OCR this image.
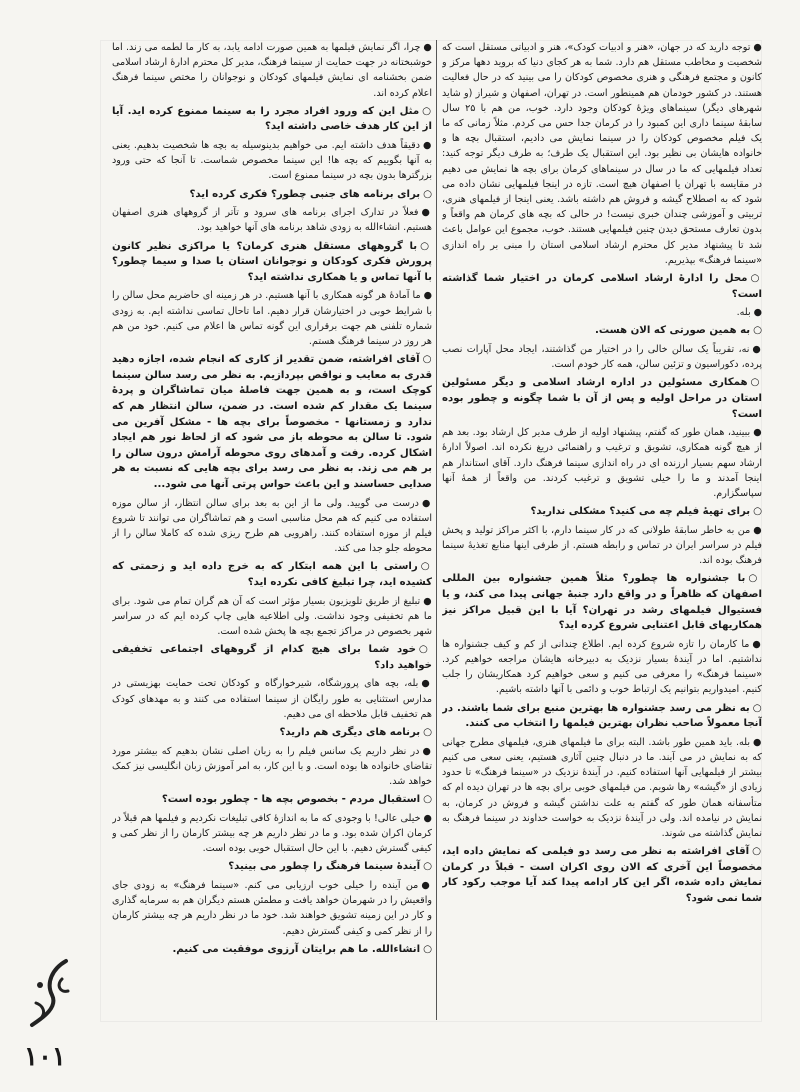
●توجه دارید که در جهان، «هنر و ادبیات کودک»، هنر و ادبیاتی مستقل است که شخصیت و مخاطب مستقل هم دارد. شما به هر کجای دنیا که بروید دهها مرکز و کانون و مجتمع فرهنگی و هنری مخصوص کودکان را می بینید که در حال فعالیت هستند. در کشور خودمان هم همینطور است. در تهران، اصفهان و شیراز (و شاید شهرهای دیگر) سینماهای ویژهٔ کودکان وجود دارد. خوب، من هم با ۲۵ سال سابقهٔ سینما داری این کمبود را در کرمان جدا حس می کردم. مثلاً زمانی که ما یک فیلم مخصوص کودکان را در سینما نمایش می دادیم، استقبال بچه ها و خانواده هایشان بی نظیر بود. این استقبال یک طرف؛ به طرف دیگر توجه کنید: تعداد فیلمهایی که ما در سال در سینماهای کرمان برای بچه ها نمایش می دهیم در مقایسه با تهران یا اصفهان هیچ است. تازه در اینجا فیلمهایی نشان داده می شود که به اصطلاح گیشه و فروش هم داشته باشد. یعنی اینجا از فیلمهای هنری، تربیتی و آموزشی چندان خبری نیست! در حالی که بچه های کرمان هم واقعاً و بدون تعارف مستحق دیدن چنین فیلمهایی هستند. خوب، مجموع این عوامل باعث شد تا پیشنهاد مدیر کل محترم ارشاد اسلامی استان را مبنی بر راه اندازی «سینما فرهنگ» بپذیریم.

○محل را ادارهٔ ارشاد اسلامی کرمان در اختیار شما گذاشته است؟

●بله.

○به همین صورتی که الان هست.

●نه، تقریباً یک سالن خالی را در اختیار من گذاشتند، ایجاد محل آپارات نصب پرده، دکوراسیون و تزئین سالن، همه کار خودم است.

○همکاری مسئولین در اداره ارشاد اسلامی و دیگر مسئولین استان در مراحل اولیه و پس از آن با شما چگونه و چطور بوده است؟

●ببینید، همان طور که گفتم، پیشنهاد اولیه از طرف مدیر کل ارشاد بود. بعد هم از هیچ گونه همکاری، تشویق و ترغیب و راهنمائی دریغ نکرده اند. اصولاً ادارهٔ ارشاد سهم بسیار ارزنده ای در راه اندازی سینما فرهنگ دارد. آقای استاندار هم اینجا آمدند و ما را خیلی تشویق و ترغیب کردند. من واقعاً از همهٔ آنها سپاسگزارم.

○برای تهیهٔ فیلم چه می کنید؟ مشکلی ندارید؟

●من به خاطر سابقهٔ طولانی که در کار سینما دارم، با اکثر مراکز تولید و پخش فیلم در سراسر ایران در تماس و رابطه هستم. از طرفی اینها منابع تغذیهٔ سینما فرهنگ بوده اند.

○با جشنواره ها چطور؟ مثلاً همین جشنواره بین المللی اصفهان که ظاهراً و در واقع دارد جنبهٔ جهانی پیدا می کند، و یا فستیوال فیلمهای رشد در تهران؟ آیا با این قبیل مراکز نیز همکاریهای قابل اعتنایی شروع کرده اید؟

●ما کارمان را تازه شروع کرده ایم. اطلاع چندانی از کم و کیف جشنواره ها نداشتیم. اما در آیندهٔ بسیار نزدیک به دبیرخانه هایشان مراجعه خواهیم کرد. «سینما فرهنگ» را معرفی می کنیم و سعی خواهیم کرد همکاریشان را جلب کنیم. امیدواریم بتوانیم یک ارتباط خوب و دائمی با آنها داشته باشیم.

○به نظر می رسد جشنواره ها بهترین منبع برای شما باشند. در آنجا معمولاً صاحب نظران بهترین فیلمها را انتخاب می کنند.

●بله. باید همین طور باشد. البته برای ما فیلمهای هنری، فیلمهای مطرح جهانی که به نمایش در می آیند. ما در دنبال چنین آثاری هستیم، یعنی سعی می کنیم بیشتر از فیلمهایی آنها استفاده کنیم. در آیندهٔ نزدیک در «سینما فرهنگ» تا حدود زیادی از «گیشه» رها شویم. من فیلمهای خوبی برای بچه ها در تهران دیده ام که متأسفانه همان طور که گفتم به علت نداشتن گیشه و فروش در کرمان، به نمایش در نیامده اند. ولی در آیندهٔ نزدیک به خواست خداوند در سینما فرهنگ به نمایش گذاشته می شوند.

○آقای افراشته به نظر می رسد دو فیلمی که نمایش داده اید، مخصوصاً این آخری که الان روی اکران است - قبلاً در کرمان نمایش داده شده، اگر این کار ادامه پیدا کند آیا موجب رکود کار شما نمی شود؟

●چرا، اگر نمایش فیلمها به همین صورت ادامه یابد، به کار ما لطمه می زند. اما خوشبختانه در جهت حمایت از سینما فرهنگ، مدیر کل محترم ادارهٔ ارشاد اسلامی ضمن بخشنامه ای نمایش فیلمهای کودکان و نوجوانان را مختص سینما فرهنگ اعلام کرده اند.

○مثل این که ورود افراد مجرد را به سینما ممنوع کرده اید. آیا از این کار هدف خاصی داشته اید؟

●دقیقاً هدف داشته ایم. می خواهیم بدینوسیله به بچه ها شخصیت بدهیم. یعنی به آنها بگوییم که بچه ها! این سینما مخصوص شماست. تا آنجا که حتی ورود بزرگترها بدون بچه در سینما ممنوع است.

○برای برنامه های جنبی چطور؟ فکری کرده اید؟

●فعلاً در تدارک اجرای برنامه های سرود و تآتر از گروههای هنری اصفهان هستیم. انشاءالله به زودی شاهد برنامه های آنها خواهید بود.

○با گروههای مستقل هنری کرمان؟ یا مراکزی نظیر کانون پرورش فکری کودکان و نوجوانان استان یا صدا و سیما چطور؟ با آنها تماس و یا همکاری نداشته اید؟

●ما آمادهٔ هر گونه همکاری با آنها هستیم. در هر زمینه ای حاضریم محل سالن را با شرایط خوبی در اختیارشان قرار دهیم. اما تاحال تماسی نداشته ایم. به زودی شماره تلفنی هم جهت برقراری این گونه تماس ها اعلام می کنیم. خود من هم هر روز در سینما فرهنگ هستم.

○آقای افراشته، ضمن تقدیر از کاری که انجام شده، اجازه دهید قدری به معایب و نواقص بپردازیم. به نظر می رسد سالن سینما کوچک است، و به همین جهت فاصلهٔ میان تماشاگران و پردهٔ سینما یک مقدار کم شده است. در ضمن، سالن انتظار هم که ندارد و زمستانها - مخصوصاً برای بچه ها - مشکل آفرین می شود. تا سالن به محوطه باز می شود که از لحاظ نور هم ایجاد اشکال کرده. رفت و آمدهای روی محوطه آرامش درون سالن را بر هم می زند. به نظر می رسد برای بچه هایی که نسبت به هر صدایی حساسند و این باعث حواس پرتی آنها می شود...

●درست می گویید. ولی ما از این به بعد برای سالن انتظار، از سالن موزه استفاده می کنیم که هم محل مناسبی است و هم تماشاگران می توانند تا شروع فیلم از موزه استفاده کنند. راهرویی هم طرح ریزی شده که کاملا سالن را از محوطه جلو جدا می کند.

○راستی با این همه ابتکار که به خرج داده اید و زحمتی که کشیده اید، چرا تبلیغ کافی نکرده اید؟

●تبلیغ از طریق تلویزیون بسیار مؤثر است که آن هم گران تمام می شود. برای ما هم تخفیفی وجود نداشت. ولی اطلاعیه هایی چاپ کرده ایم که در سراسر شهر بخصوص در مراکز تجمع بچه ها پخش شده است.

○خود شما برای هیچ کدام از گروههای اجتماعی تخفیفی خواهید داد؟

●بله، بچه های پرورشگاه، شیرخوارگاه و کودکان تحت حمایت بهزیستی در مدارس استثنایی به طور رایگان از سینما استفاده می کنند و به مهدهای کودک هم تخفیف قابل ملاحظه ای می دهیم.

○برنامه های دیگری هم دارید؟

●در نظر داریم یک سانس فیلم را به زبان اصلی نشان بدهیم که بیشتر مورد تقاضای خانواده ها بوده است. و با این کار، به امر آموزش زبان انگلیسی نیز کمک خواهد شد.

○استقبال مردم - بخصوص بچه ها - چطور بوده است؟

●خیلی عالی! با وجودی که ما به اندازهٔ کافی تبلیغات نکردیم و فیلمها هم قبلاً در کرمان اکران شده بود. و ما در نظر داریم هر چه بیشتر کارمان را از نظر کمی و کیفی گسترش دهیم. با این حال استقبال خوبی بوده است.

○آیندهٔ سینما فرهنگ را چطور می بینید؟

●من آینده را خیلی خوب ارزیابی می کنم. «سینما فرهنگ» به زودی جای واقعیش را در شهرمان خواهد یافت و مطمئن هستم دیگران هم به سرمایه گذاری و کار در این زمینه تشویق خواهند شد. خود ما در نظر داریم هر چه بیشتر کارمان را از نظر کمی و کیفی گسترش دهیم.

○انشاءالله. ما هم برایتان آرزوی موفقیت می کنیم.

۱۰۱
